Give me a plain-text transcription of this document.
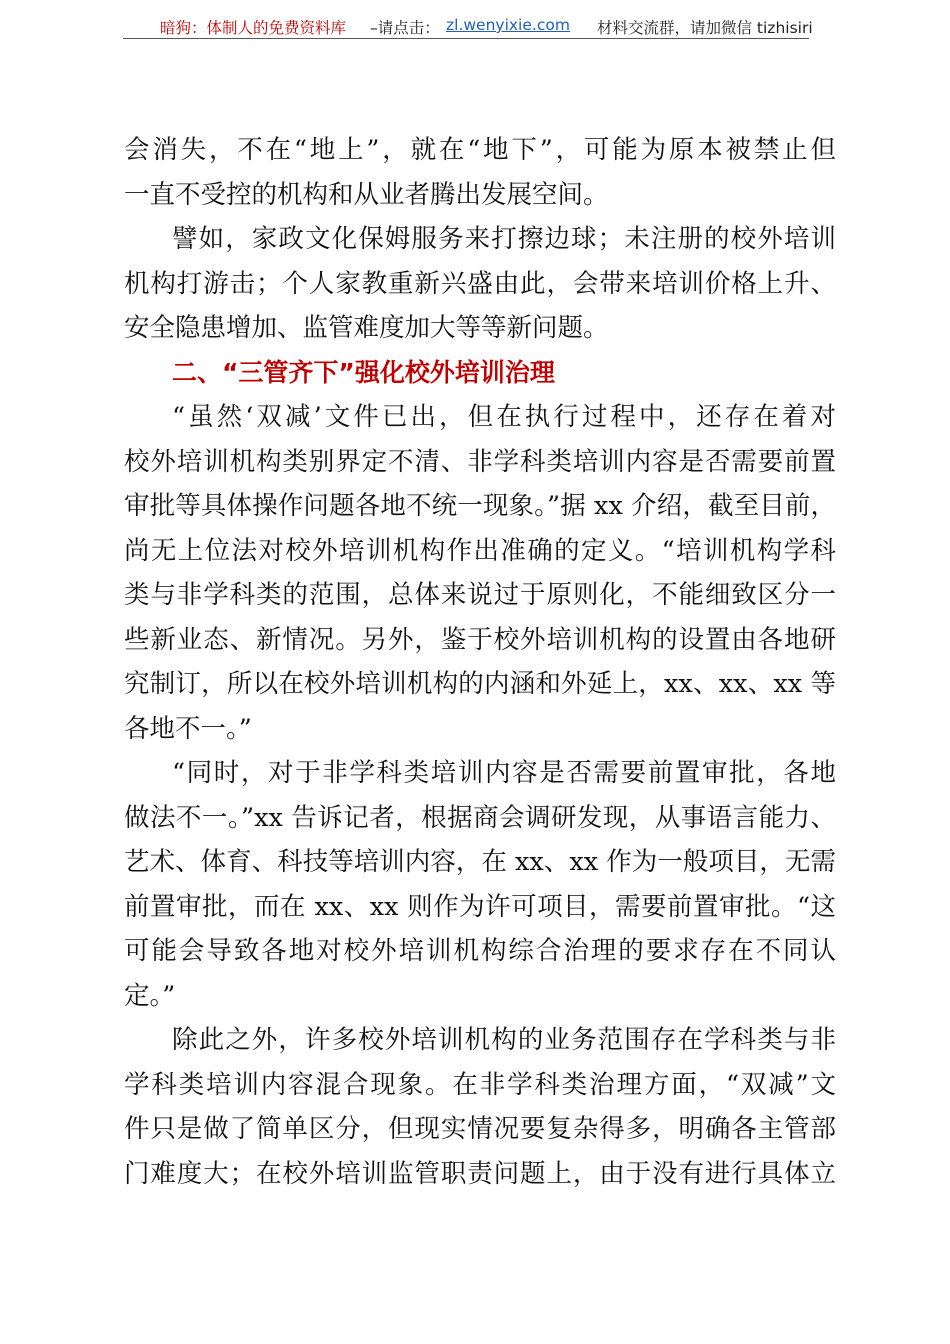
暗狗：体制人的免费资料库 –请点击： zl.wenyixie.com 材料交流群，请加微信 tizhisiri
会消失，不在“地上”，就在“地下”，可能为原本被禁止但
一直不受控的机构和从业者腾出发展空间。
譬如，家政文化保姆服务来打擦边球；未注册的校外培训
机构打游击；个人家教重新兴盛由此，会带来培训价格上升、
安全隐患增加、监管难度加大等等新问题。
二、“三管齐下”强化校外培训治理
“虽然‘双减’文件已出，但在执行过程中，还存在着对
校外培训机构类别界定不清、非学科类培训内容是否需要前置
审批等具体操作问题各地不统一现象。”据 xx 介绍，截至目前，
尚无上位法对校外培训机构作出准确的定义。“培训机构学科
类与非学科类的范围，总体来说过于原则化，不能细致区分一
些新业态、新情况。另外，鉴于校外培训机构的设置由各地研
究制订，所以在校外培训机构的内涵和外延上，xx、xx、xx 等
各地不一。”
“同时，对于非学科类培训内容是否需要前置审批，各地
做法不一。”xx 告诉记者，根据商会调研发现，从事语言能力、
艺术、体育、科技等培训内容，在 xx、xx 作为一般项目，无需
前置审批，而在 xx、xx 则作为许可项目，需要前置审批。“这
可能会导致各地对校外培训机构综合治理的要求存在不同认
定。”
除此之外，许多校外培训机构的业务范围存在学科类与非
学科类培训内容混合现象。在非学科类治理方面，“双减”文
件只是做了简单区分，但现实情况要复杂得多，明确各主管部
门难度大；在校外培训监管职责问题上，由于没有进行具体立
